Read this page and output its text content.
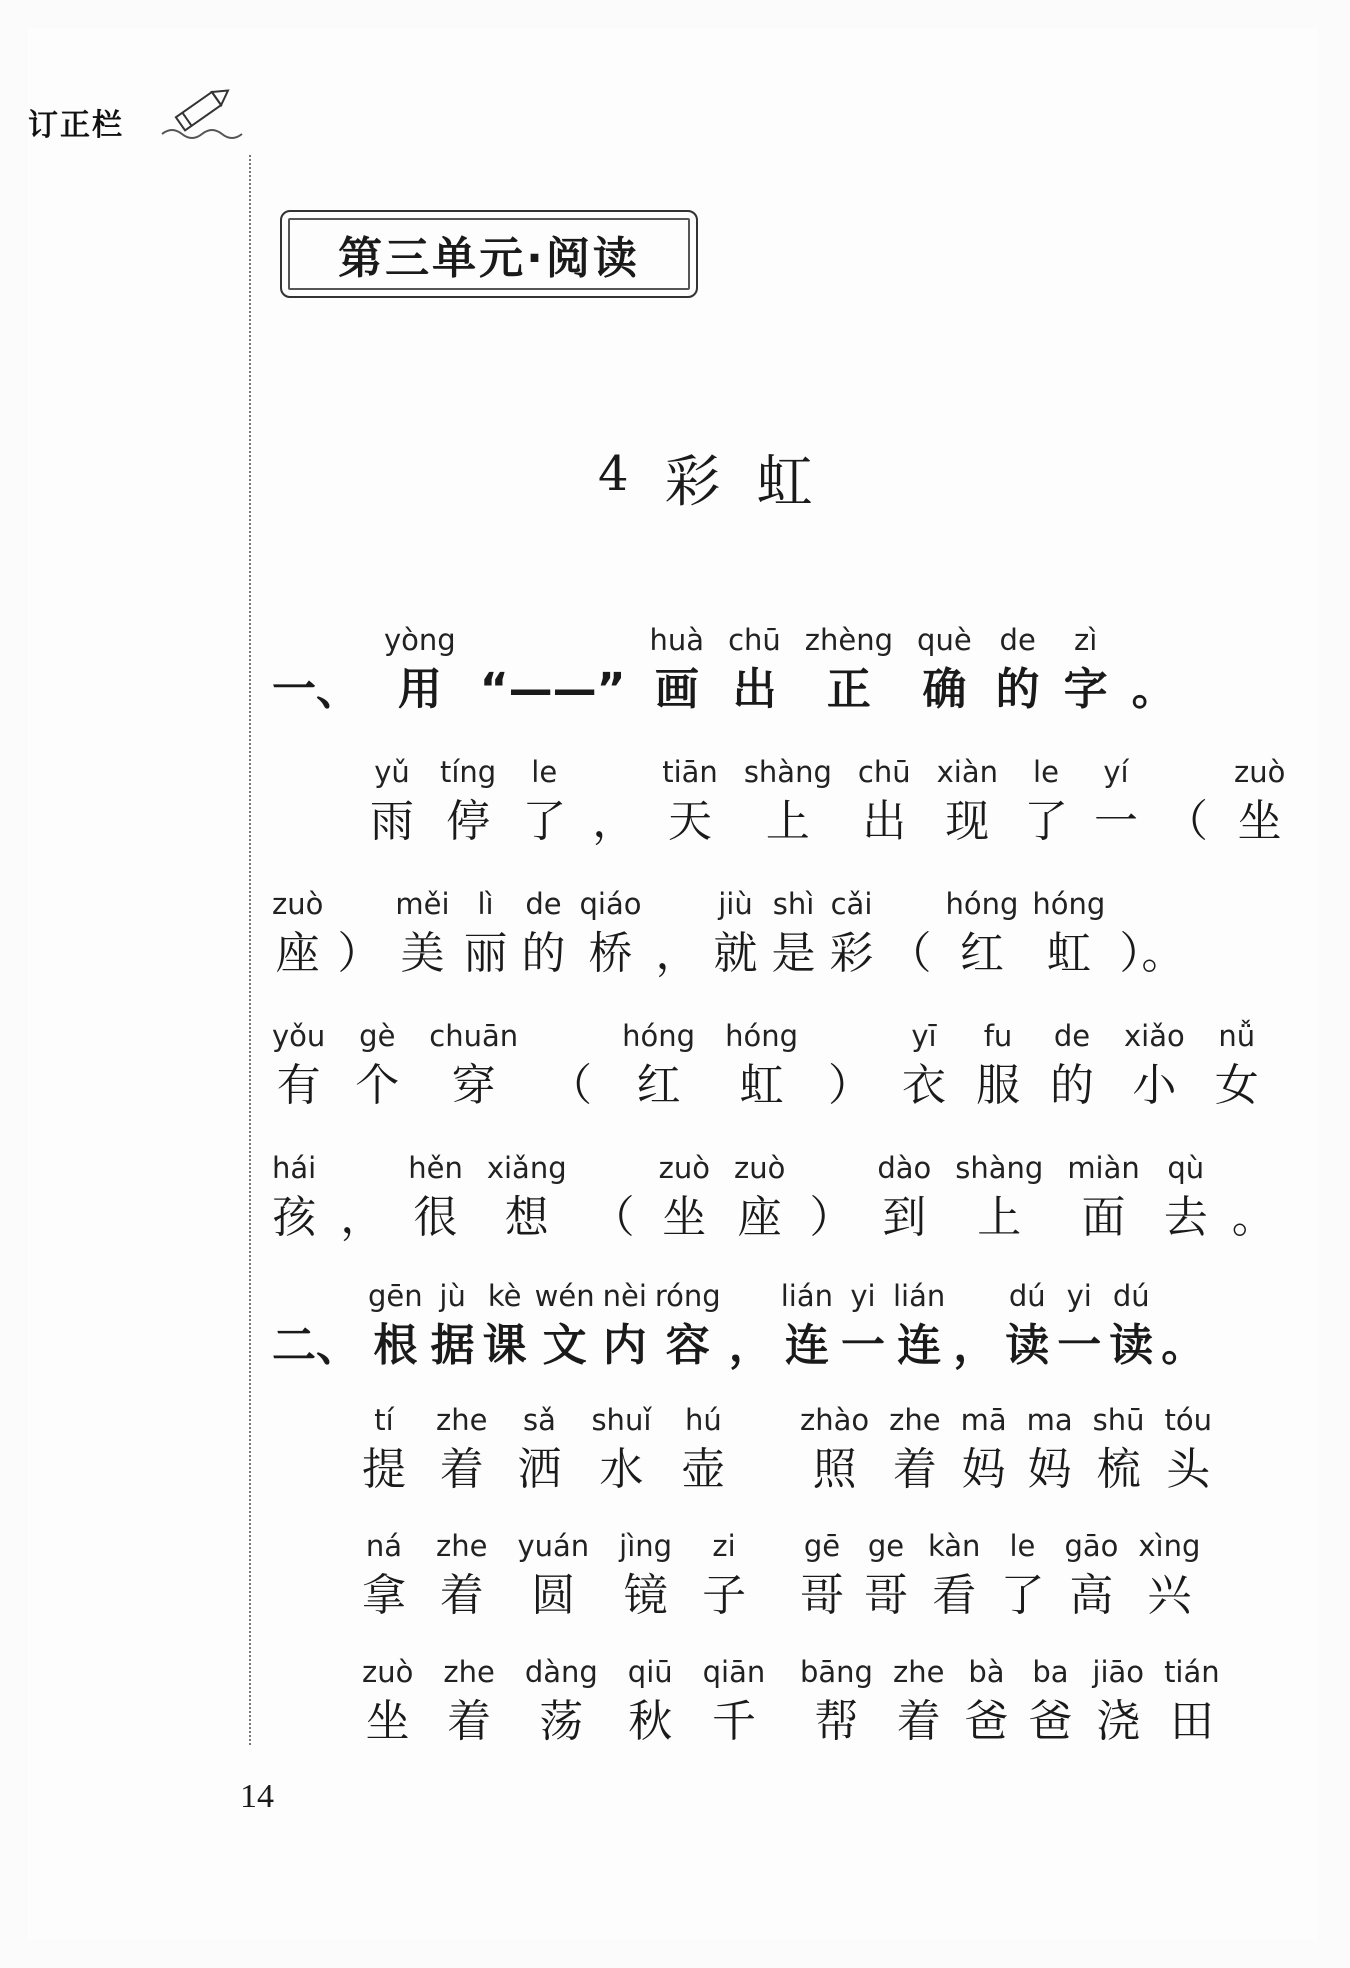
订正栏
第三单元·阅读
4 彩 虹
一、
yòng
用 “——”
huà
画
chū
出
zhèng
正
què
确
de
的
zì
字 。
yǔ
雨
tíng
停
le
了 ，
tiān
天
shàng
上
chū
出
xiàn
现
le
了
yí
一 （
zuò
坐
zuò
座 ）
měi
美
lì
丽
de
的
qiáo
桥 ，
jiù
就
shì
是
cǎi
彩 （
hóng
红
hóng
虹 ）。
yǒu
有
gè
个
chuān
穿 （
hóng
红
hóng
虹 ）
yī
衣
fu
服
de
的
xiǎo
小
nǚ
女
hái
孩 ，
hěn
很
xiǎng
想 （
zuò
坐
zuò
座 ）
dào
到
shàng
上
miàn
面
qù
去 。
二、
gēn
根
jù
据
kè
课
wén
文
nèi
内
róng
容 ，
lián
连
yi
一
lián
连 ，
dú
读
yi
一
dú
读 。
tí
提
zhe
着
sǎ
洒
shuǐ
水
hú
壶
ná
拿
zhe
着
yuán
圆
jìng
镜
zi
子
zuò
坐
zhe
着
dàng
荡
qiū
秋
qiān
千
zhào
照
zhe
着
mā
妈
ma
妈
shū
梳
tóu
头
gē
哥
ge
哥
kàn
看
le
了
gāo
高
xìng
兴
bāng
帮
zhe
着
bà
爸
ba
爸
jiāo
浇
tián
田
14
